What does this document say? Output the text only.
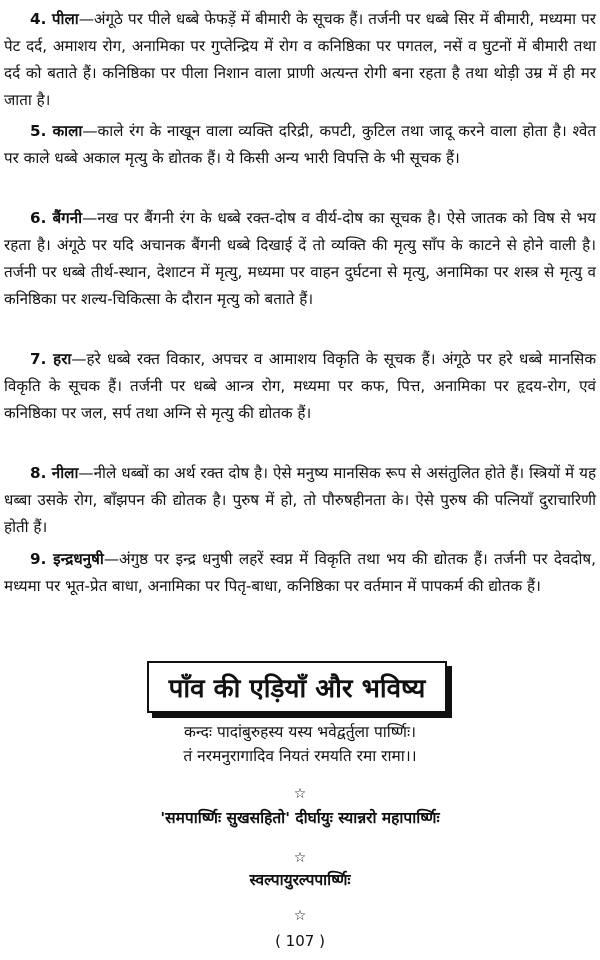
4. पीला—अंगूठे पर पीले धब्बे फेफड़ें में बीमारी के सूचक हैं। तर्जनी पर धब्बे सिर में बीमारी, मध्यमा पर पेट दर्द, अमाशय रोग, अनामिका पर गुप्तेन्द्रिय में रोग व कनिष्ठिका पर पगतल, नसें व घुटनों में बीमारी तथा दर्द को बताते हैं। कनिष्ठिका पर पीला निशान वाला प्राणी अत्यन्त रोगी बना रहता है तथा थोड़ी उम्र में ही मर जाता है।

5. काला—काले रंग के नाखून वाला व्यक्ति दरिद्री, कपटी, कुटिल तथा जादू करने वाला होता है। श्वेत पर काले धब्बे अकाल मृत्यु के द्योतक हैं। ये किसी अन्य भारी विपत्ति के भी सूचक हैं।

6. बैंगनी—नख पर बैंगनी रंग के धब्बे रक्त-दोष व वीर्य-दोष का सूचक है। ऐसे जातक को विष से भय रहता है। अंगूठे पर यदि अचानक बैंगनी धब्बे दिखाई दें तो व्यक्ति की मृत्यु साँप के काटने से होने वाली है। तर्जनी पर धब्बे तीर्थ-स्थान, देशाटन में मृत्यु, मध्यमा पर वाहन दुर्घटना से मृत्यु, अनामिका पर शस्त्र से मृत्यु व कनिष्ठिका पर शल्य-चिकित्सा के दौरान मृत्यु को बताते हैं।

7. हरा—हरे धब्बे रक्त विकार, अपचर व आमाशय विकृति के सूचक हैं। अंगूठे पर हरे धब्बे मानसिक विकृति के सूचक हैं। तर्जनी पर धब्बे आन्त्र रोग, मध्यमा पर कफ, पित्त, अनामिका पर हृदय-रोग, एवं कनिष्ठिका पर जल, सर्प तथा अग्नि से मृत्यु की द्योतक हैं।

8. नीला—नीले धब्बों का अर्थ रक्त दोष है। ऐसे मनुष्य मानसिक रूप से असंतुलित होते हैं। स्त्रियों में यह धब्बा उसके रोग, बाँझपन की द्योतक है। पुरुष में हो, तो पौरुषहीनता के। ऐसे पुरुष की पत्नियाँ दुराचारिणी होती हैं।

9. इन्द्रधनुषी—अंगुष्ठ पर इन्द्र धनुषी लहरें स्वप्न में विकृति तथा भय की द्योतक हैं। तर्जनी पर देवदोष, मध्यमा पर भूत-प्रेत बाधा, अनामिका पर पितृ-बाधा, कनिष्ठिका पर वर्तमान में पापकर्म की द्योतक हैं।

पाँव की एड़ियाँ और भविष्य
कन्दः पादांबुरुहस्य यस्य भवेद्वर्तुला पार्ष्णिः।
तं नरमनुरागादिव नियतं रमयति रमा रामा।।
☆
'समपार्ष्णिः सुखसहितो' दीर्घायुः स्यान्नरो महापार्ष्णिः
☆
स्वल्पायुरल्पपार्ष्णिः
☆
( 107 )
